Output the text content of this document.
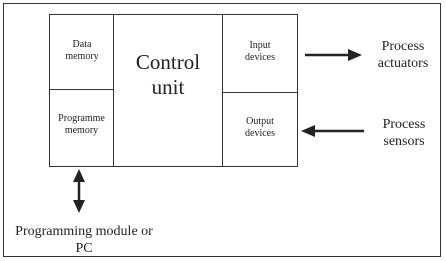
Data memory
Programme memory
Control unit
Input devices
Output devices
Process actuators
Process sensors
Programming module or PC
